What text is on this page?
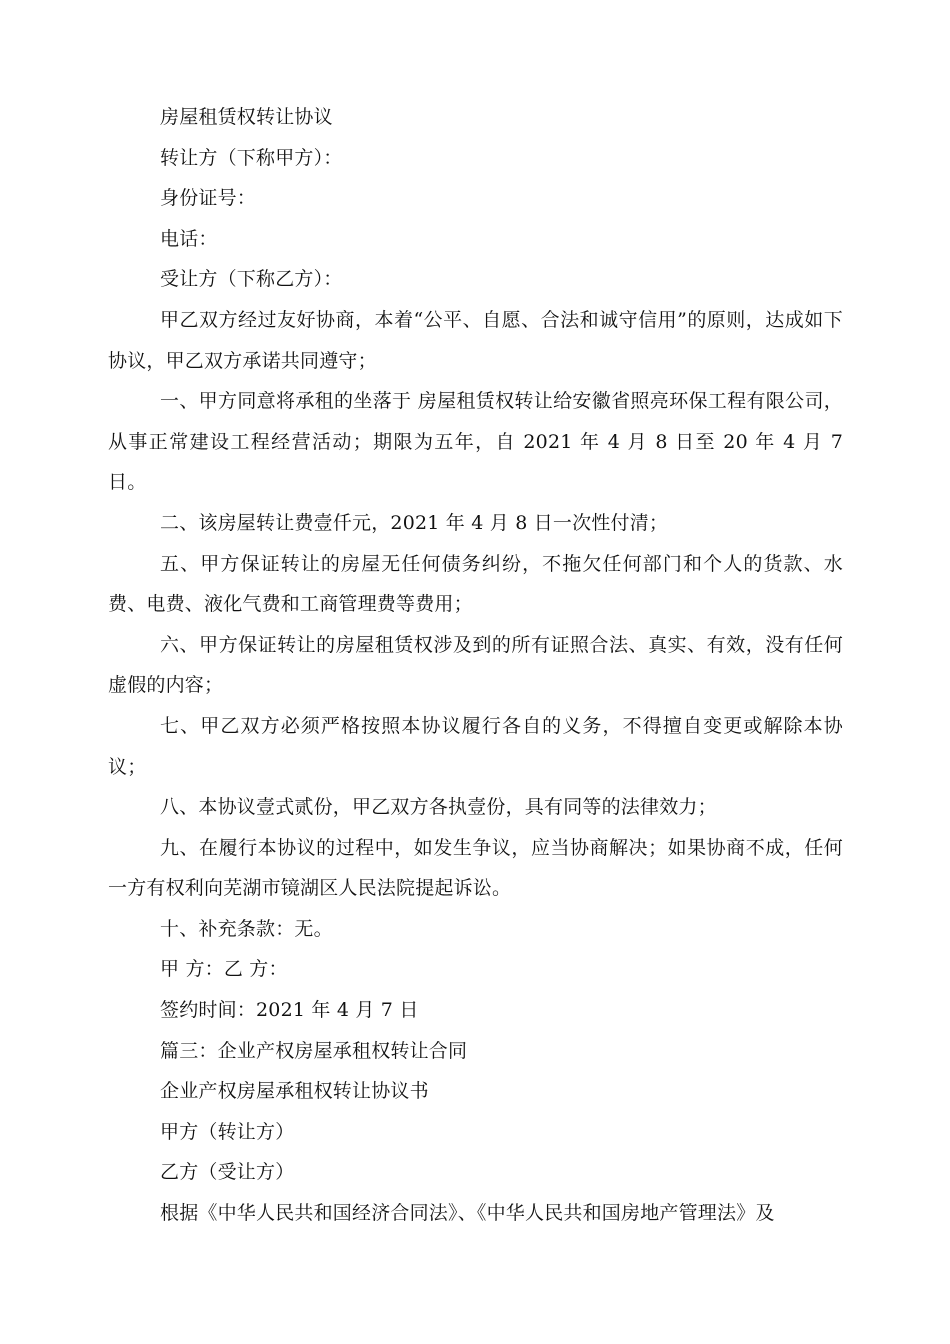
房屋租赁权转让协议

转让方（下称甲方）：

身份证号：

电话：

受让方（下称乙方）：

甲乙双方经过友好协商，本着“公平、自愿、合法和诚守信用”的原则，达成如下协议，甲乙双方承诺共同遵守；

一、甲方同意将承租的坐落于 房屋租赁权转让给安徽省照亮环保工程有限公司，从事正常建设工程经营活动；期限为五年，自 2021 年 4 月 8 日至 20 年 4 月 7 日。

二、该房屋转让费壹仟元，2021 年 4 月 8 日一次性付清；

五、甲方保证转让的房屋无任何债务纠纷，不拖欠任何部门和个人的货款、水费、电费、液化气费和工商管理费等费用；

六、甲方保证转让的房屋租赁权涉及到的所有证照合法、真实、有效，没有任何虚假的内容；

七、甲乙双方必须严格按照本协议履行各自的义务，不得擅自变更或解除本协议；

八、本协议壹式贰份，甲乙双方各执壹份，具有同等的法律效力；

九、在履行本协议的过程中，如发生争议，应当协商解决；如果协商不成，任何一方有权利向芜湖市镜湖区人民法院提起诉讼。

十、补充条款：无。

甲 方：乙 方：

签约时间：2021 年 4 月 7 日

篇三：企业产权房屋承租权转让合同

企业产权房屋承租权转让协议书

甲方（转让方）

乙方（受让方）

根据《中华人民共和国经济合同法》、《中华人民共和国房地产管理法》及
